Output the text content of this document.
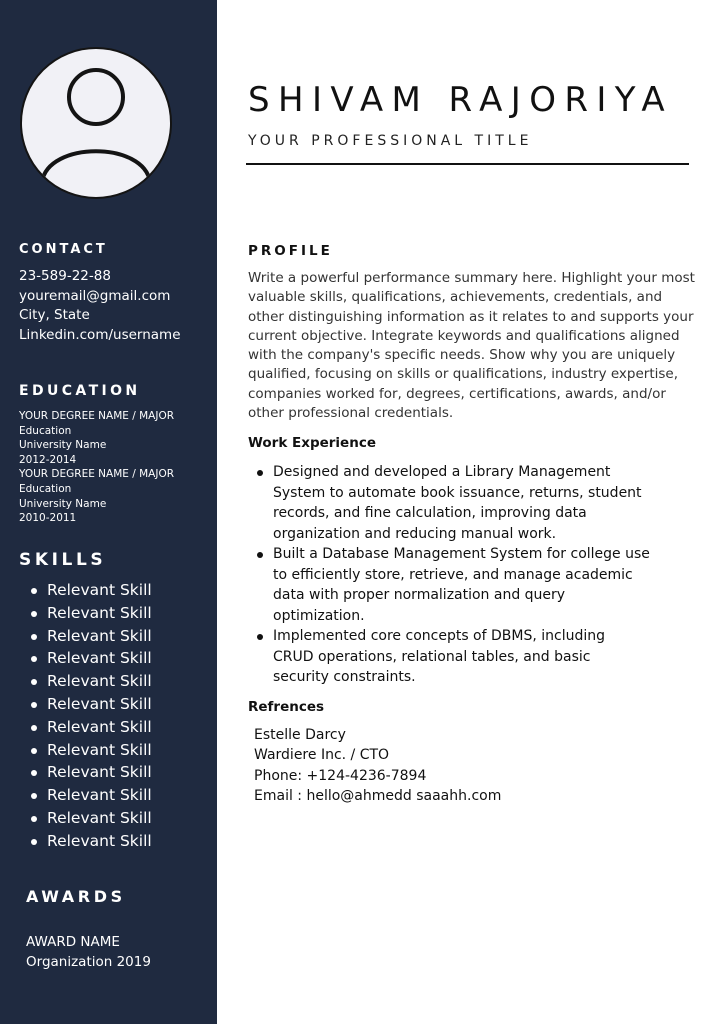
CONTACT
23-589-22-88
youremail@gmail.com
City, State
Linkedin.com/username
EDUCATION
YOUR DEGREE NAME / MAJOR
Education
University Name
2012-2014
YOUR DEGREE NAME / MAJOR
Education
University Name
2010-2011
SKILLS
Relevant Skill
Relevant Skill
Relevant Skill
Relevant Skill
Relevant Skill
Relevant Skill
Relevant Skill
Relevant Skill
Relevant Skill
Relevant Skill
Relevant Skill
Relevant Skill
AWARDS
AWARD NAME
Organization 2019
SHIVAM RAJORIYA
YOUR PROFESSIONAL TITLE
PROFILE
Write a powerful performance summary here. Highlight your most
valuable skills, qualifications, achievements, credentials, and
other distinguishing information as it relates to and supports your
current objective. Integrate keywords and qualifications aligned
with the company's specific needs. Show why you are uniquely
qualified, focusing on skills or qualifications, industry expertise,
companies worked for, degrees, certifications, awards, and/or
other professional credentials.
Work Experience
Designed and developed a Library Management
System to automate book issuance, returns, student
records, and fine calculation, improving data
organization and reducing manual work.
Built a Database Management System for college use
to efficiently store, retrieve, and manage academic
data with proper normalization and query
optimization.
Implemented core concepts of DBMS, including
CRUD operations, relational tables, and basic
security constraints.
Refrences
Estelle Darcy
Wardiere Inc. / CTO
Phone: +124-4236-7894
Email : hello@ahmedd saaahh.com
